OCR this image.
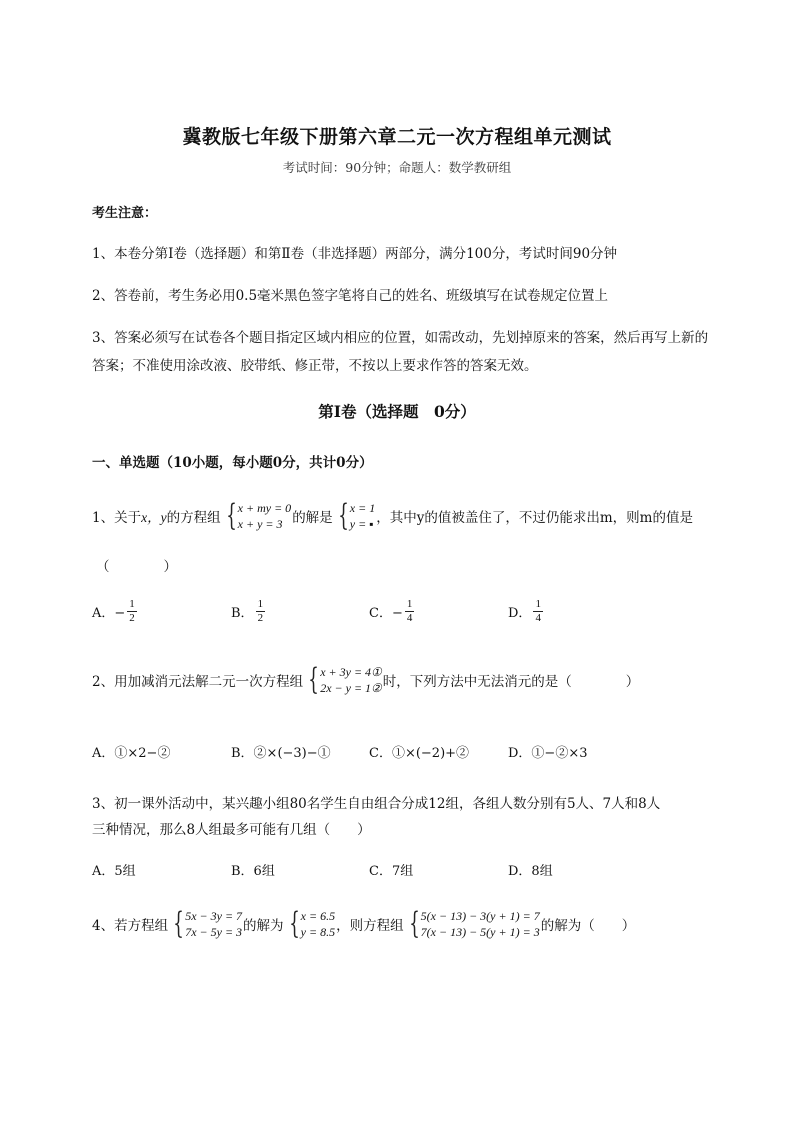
冀教版七年级下册第六章二元一次方程组单元测试
考试时间：90分钟；命题人：数学教研组
考生注意：
1、本卷分第Ⅰ卷（选择题）和第Ⅱ卷（非选择题）两部分，满分100分，考试时间90分钟
2、答卷前，考生务必用0.5毫米黑色签字笔将自己的姓名、班级填写在试卷规定位置上
3、答案必须写在试卷各个题目指定区域内相应的位置，如需改动，先划掉原来的答案，然后再写上新的答案；不准使用涂改液、胶带纸、修正带，不按以上要求作答的答案无效。
第Ⅰ卷（选择题　0分）
一、单选题（10小题，每小题0分，共计0分）
1、关于 x，y 的方程组 { x + my = 0
x + y = 3 的解是 { x = 1
y = ▪ ，其中y的值被盖住了，不过仍能求出m，则m的值是
（　　　　）
A．− $\frac{1}{2}$	B． $\frac{1}{2}$	C．− $\frac{1}{4}$	D． $\frac{1}{4}$
2、用加减消元法解二元一次方程组 { x + 3y = 4①
2x − y = 1② 时，下列方法中无法消元的是（　　　　）
A．①×2−②	B．②×(−3)−①	C．①×(−2)+②	D．①−②×3
3、初一课外活动中，某兴趣小组80名学生自由组合分成12组，各组人数分别有5人、7人和8人
三种情况，那么8人组最多可能有几组（　　）
A．5组	B．6组	C．7组	D．8组
4、若方程组 { 5x − 3y = 7
7x − 5y = 3 的解为 { x = 6.5
y = 8.5 ，则方程组 { 5(x − 13) − 3(y + 1) = 7
7(x − 13) − 5(y + 1) = 3 的解为（　　）
